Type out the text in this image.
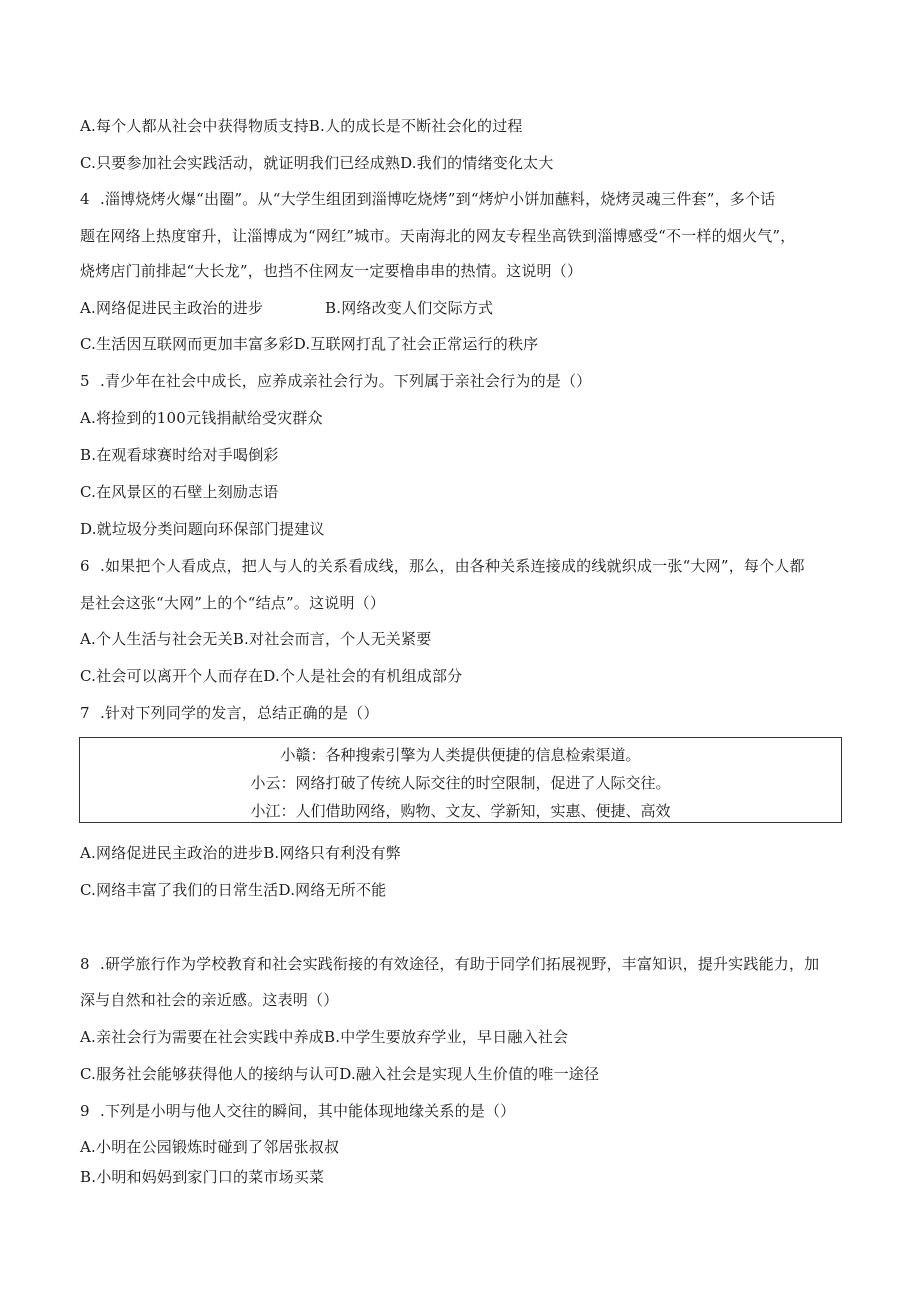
A.每个人都从社会中获得物质支持B.人的成长是不断社会化的过程
C.只要参加社会实践活动，就证明我们已经成熟D.我们的情绪变化太大
4 .淄博烧烤火爆“出圈”。从“大学生组团到淄博吃烧烤”到“烤炉小饼加蘸料，烧烤灵魂三件套”，多个话
题在网络上热度窜升，让淄博成为“网红”城市。天南海北的网友专程坐高铁到淄博感受“不一样的烟火气”，
烧烤店门前排起“大长龙”，也挡不住网友一定要橹串串的热情。这说明（）
A.网络促进民主政治的进步	B.网络改变人们交际方式
C.生活因互联网而更加丰富多彩D.互联网打乱了社会正常运行的秩序
5 .青少年在社会中成长，应养成亲社会行为。下列属于亲社会行为的是（）
A.将捡到的100元钱捐献给受灾群众
B.在观看球赛时给对手喝倒彩
C.在风景区的石壁上刻励志语
D.就垃圾分类问题向环保部门提建议
6 .如果把个人看成点，把人与人的关系看成线，那么，由各种关系连接成的线就织成一张“大网”，每个人都
是社会这张“大网”上的个“结点”。这说明（）
A.个人生活与社会无关B.对社会而言，个人无关紧要
C.社会可以离开个人而存在D.个人是社会的有机组成部分
7 .针对下列同学的发言，总结正确的是（）
小赣：各种搜索引擎为人类提供便捷的信息检索渠道。
小云：网络打破了传统人际交往的时空限制，促进了人际交往。
小江：人们借助网络，购物、文友、学新知，实惠、便捷、高效
A.网络促进民主政治的进步B.网络只有利没有弊
C.网络丰富了我们的日常生活D.网络无所不能
8 .研学旅行作为学校教育和社会实践衔接的有效途径，有助于同学们拓展视野，丰富知识，提升实践能力，加
深与自然和社会的亲近感。这表明（）
A.亲社会行为需要在社会实践中养成B.中学生要放弃学业，早日融入社会
C.服务社会能够获得他人的接纳与认可D.融入社会是实现人生价值的唯一途径
9 .下列是小明与他人交往的瞬间，其中能体现地缘关系的是（）
A.小明在公园锻炼时碰到了邻居张叔叔
B.小明和妈妈到家门口的菜市场买菜
